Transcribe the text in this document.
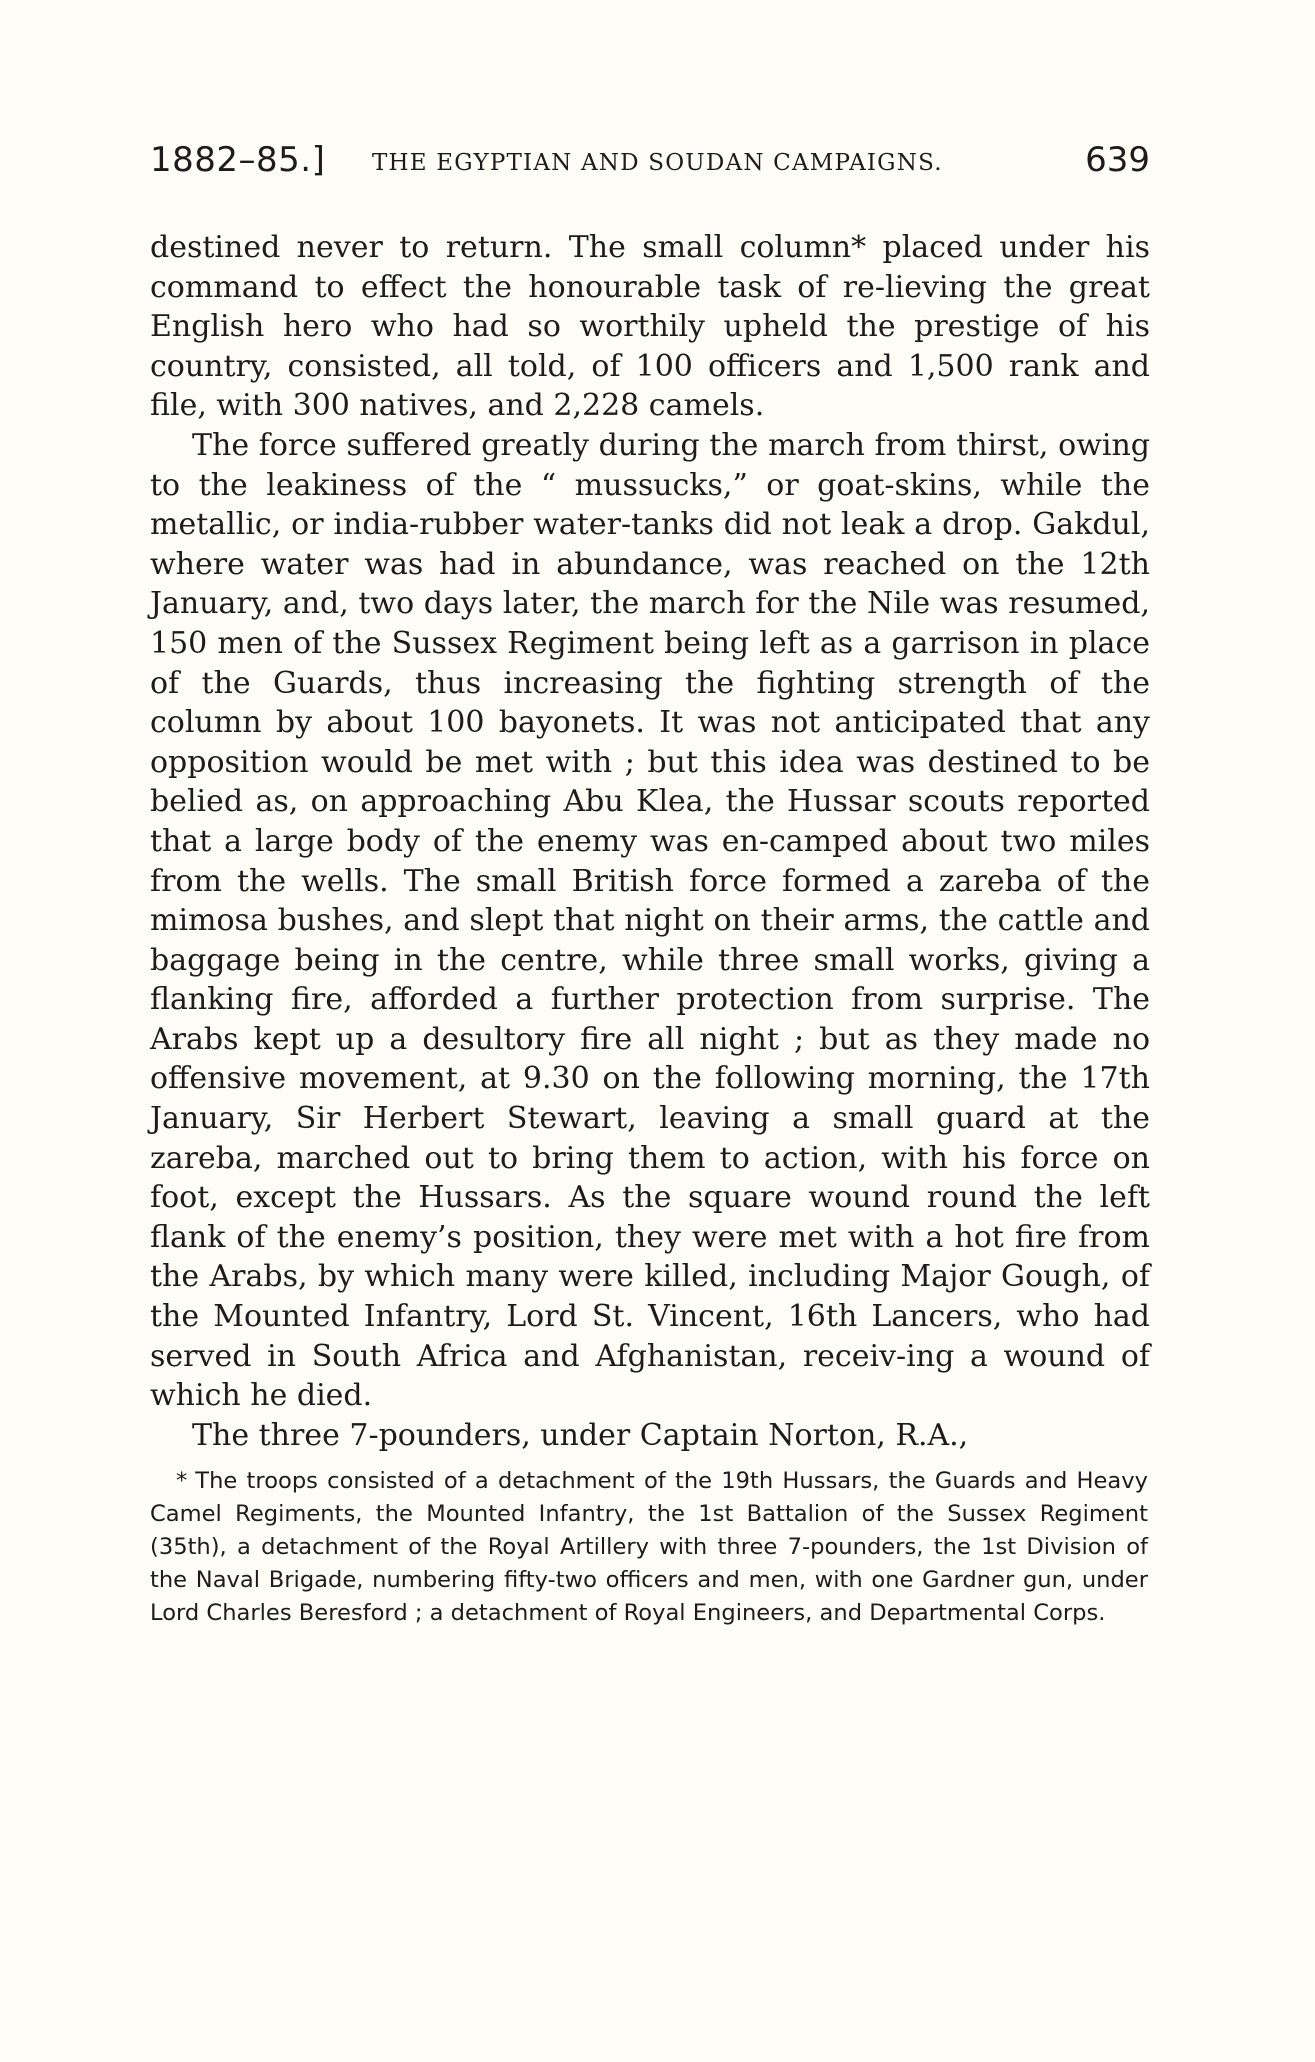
1882–85.] THE EGYPTIAN AND SOUDAN CAMPAIGNS.	639

destined never to return. The small column* placed under his command to effect the honourable task of re-lieving the great English hero who had so worthily upheld the prestige of his country, consisted, all told, of 100 officers and 1,500 rank and file, with 300 natives, and 2,228 camels.

The force suffered greatly during the march from thirst, owing to the leakiness of the “ mussucks,” or goat-skins, while the metallic, or india-rubber water-tanks did not leak a drop. Gakdul, where water was had in abundance, was reached on the 12th January, and, two days later, the march for the Nile was resumed, 150 men of the Sussex Regiment being left as a garrison in place of the Guards, thus increasing the fighting strength of the column by about 100 bayonets. It was not anticipated that any opposition would be met with ; but this idea was destined to be belied as, on approaching Abu Klea, the Hussar scouts reported that a large body of the enemy was en-camped about two miles from the wells. The small British force formed a zareba of the mimosa bushes, and slept that night on their arms, the cattle and baggage being in the centre, while three small works, giving a flanking fire, afforded a further protection from surprise. The Arabs kept up a desultory fire all night ; but as they made no offensive movement, at 9.30 on the following morning, the 17th January, Sir Herbert Stewart, leaving a small guard at the zareba, marched out to bring them to action, with his force on foot, except the Hussars. As the square wound round the left flank of the enemy’s position, they were met with a hot fire from the Arabs, by which many were killed, including Major Gough, of the Mounted Infantry, Lord St. Vincent, 16th Lancers, who had served in South Africa and Afghanistan, receiv-ing a wound of which he died.

The three 7-pounders, under Captain Norton, R.A.,

* The troops consisted of a detachment of the 19th Hussars, the Guards and Heavy Camel Regiments, the Mounted Infantry, the 1st Battalion of the Sussex Regiment (35th), a detachment of the Royal Artillery with three 7-pounders, the 1st Division of the Naval Brigade, numbering fifty-two officers and men, with one Gardner gun, under Lord Charles Beresford ; a detachment of Royal Engineers, and Departmental Corps.
